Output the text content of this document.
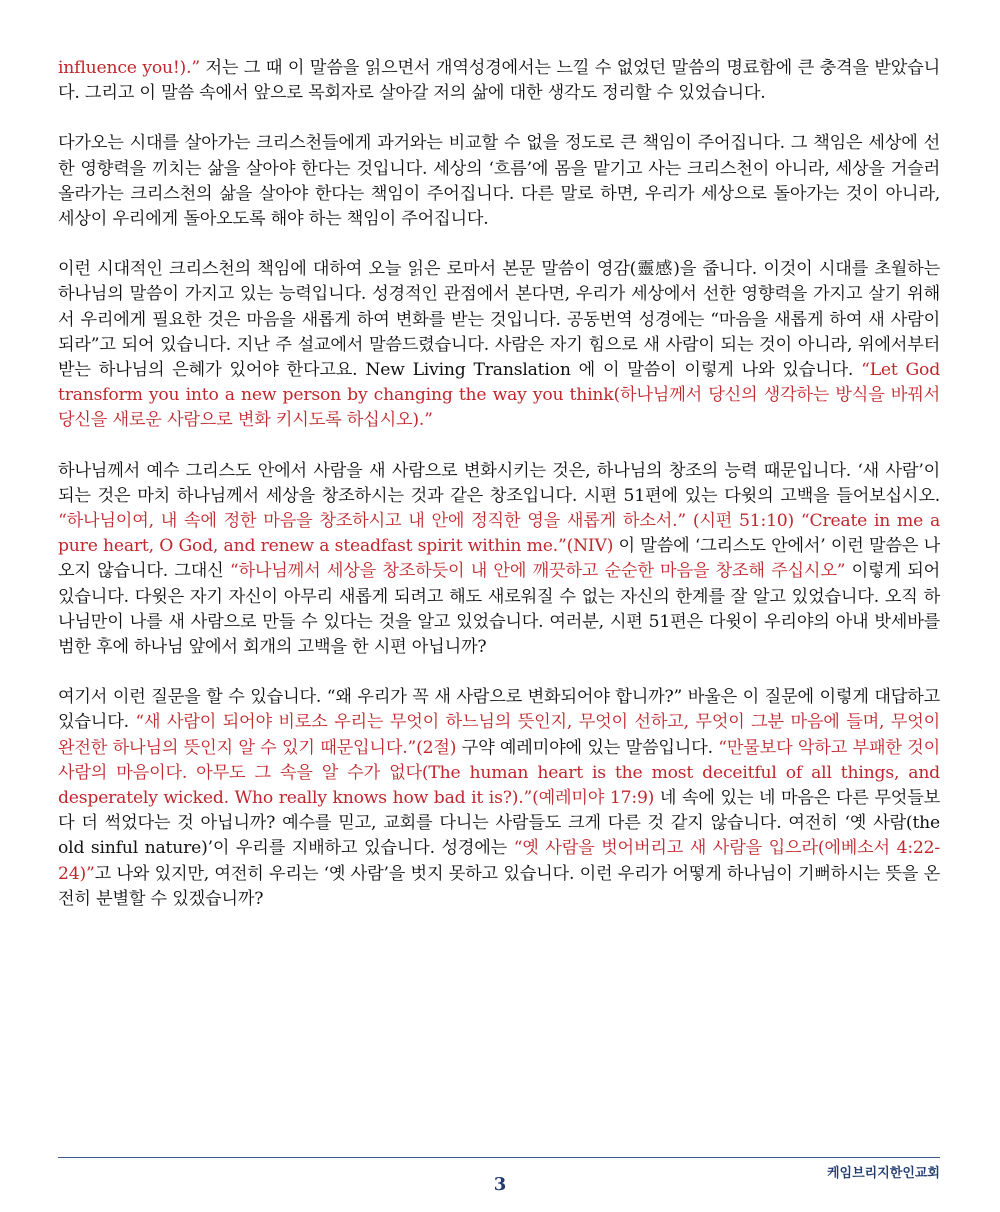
influence you!).” 저는 그 때 이 말씀을 읽으면서 개역성경에서는 느낄 수 없었던 말씀의 명료함에 큰 충격을 받았습니다. 그리고 이 말씀 속에서 앞으로 목회자로 살아갈 저의 삶에 대한 생각도 정리할 수 있었습니다.

다가오는 시대를 살아가는 크리스천들에게 과거와는 비교할 수 없을 정도로 큰 책임이 주어집니다. 그 책임은 세상에 선한 영향력을 끼치는 삶을 살아야 한다는 것입니다. 세상의 ‘흐름’에 몸을 맡기고 사는 크리스천이 아니라, 세상을 거슬러올라가는 크리스천의 삶을 살아야 한다는 책임이 주어집니다. 다른 말로 하면, 우리가 세상으로 돌아가는 것이 아니라, 세상이 우리에게 돌아오도록 해야 하는 책임이 주어집니다.

이런 시대적인 크리스천의 책임에 대하여 오늘 읽은 로마서 본문 말씀이 영감(靈感)을 줍니다. 이것이 시대를 초월하는 하나님의 말씀이 가지고 있는 능력입니다. 성경적인 관점에서 본다면, 우리가 세상에서 선한 영향력을 가지고 살기 위해서 우리에게 필요한 것은 마음을 새롭게 하여 변화를 받는 것입니다. 공동번역 성경에는 “마음을 새롭게 하여 새 사람이 되라”고 되어 있습니다. 지난 주 설교에서 말씀드렸습니다. 사람은 자기 힘으로 새 사람이 되는 것이 아니라, 위에서부터 받는 하나님의 은혜가 있어야 한다고요. New Living Translation 에 이 말씀이 이렇게 나와 있습니다. “Let God transform you into a new person by changing the way you think(하나님께서 당신의 생각하는 방식을 바꿔서 당신을 새로운 사람으로 변화 키시도록 하십시오).”

하나님께서 예수 그리스도 안에서 사람을 새 사람으로 변화시키는 것은, 하나님의 창조의 능력 때문입니다. ‘새 사람’이 되는 것은 마치 하나님께서 세상을 창조하시는 것과 같은 창조입니다. 시편 51편에 있는 다윗의 고백을 들어보십시오. “하나님이여, 내 속에 정한 마음을 창조하시고 내 안에 정직한 영을 새롭게 하소서.” (시편 51:10) “Create in me a pure heart, O God, and renew a steadfast spirit within me.”(NIV) 이 말씀에 ‘그리스도 안에서’ 이런 말씀은 나오지 않습니다. 그대신 “하나님께서 세상을 창조하듯이 내 안에 깨끗하고 순순한 마음을 창조해 주십시오” 이렇게 되어 있습니다. 다윗은 자기 자신이 아무리 새롭게 되려고 해도 새로워질 수 없는 자신의 한계를 잘 알고 있었습니다. 오직 하나님만이 나를 새 사람으로 만들 수 있다는 것을 알고 있었습니다. 여러분, 시편 51편은 다윗이 우리야의 아내 밧세바를 범한 후에 하나님 앞에서 회개의 고백을 한 시편 아닙니까?

여기서 이런 질문을 할 수 있습니다. “왜 우리가 꼭 새 사람으로 변화되어야 합니까?” 바울은 이 질문에 이렇게 대답하고 있습니다. “새 사람이 되어야 비로소 우리는 무엇이 하느님의 뜻인지, 무엇이 선하고, 무엇이 그분 마음에 들며, 무엇이 완전한 하나님의 뜻인지 알 수 있기 때문입니다.”(2절) 구약 예레미야에 있는 말씀입니다. “만물보다 악하고 부패한 것이 사람의 마음이다. 아무도 그 속을 알 수가 없다(The human heart is the most deceitful of all things, and desperately wicked. Who really knows how bad it is?).”(예레미야 17:9) 네 속에 있는 네 마음은 다른 무엇들보다 더 썩었다는 것 아닙니까? 예수를 믿고, 교회를 다니는 사람들도 크게 다른 것 같지 않습니다. 여전히 ‘옛 사람(the old sinful nature)’이 우리를 지배하고 있습니다. 성경에는 “옛 사람을 벗어버리고 새 사람을 입으라(에베소서 4:22-24)”고 나와 있지만, 여전히 우리는 ‘옛 사람’을 벗지 못하고 있습니다. 이런 우리가 어떻게 하나님이 기뻐하시는 뜻을 온전히 분별할 수 있겠습니까?

케임브리지한인교회
3
